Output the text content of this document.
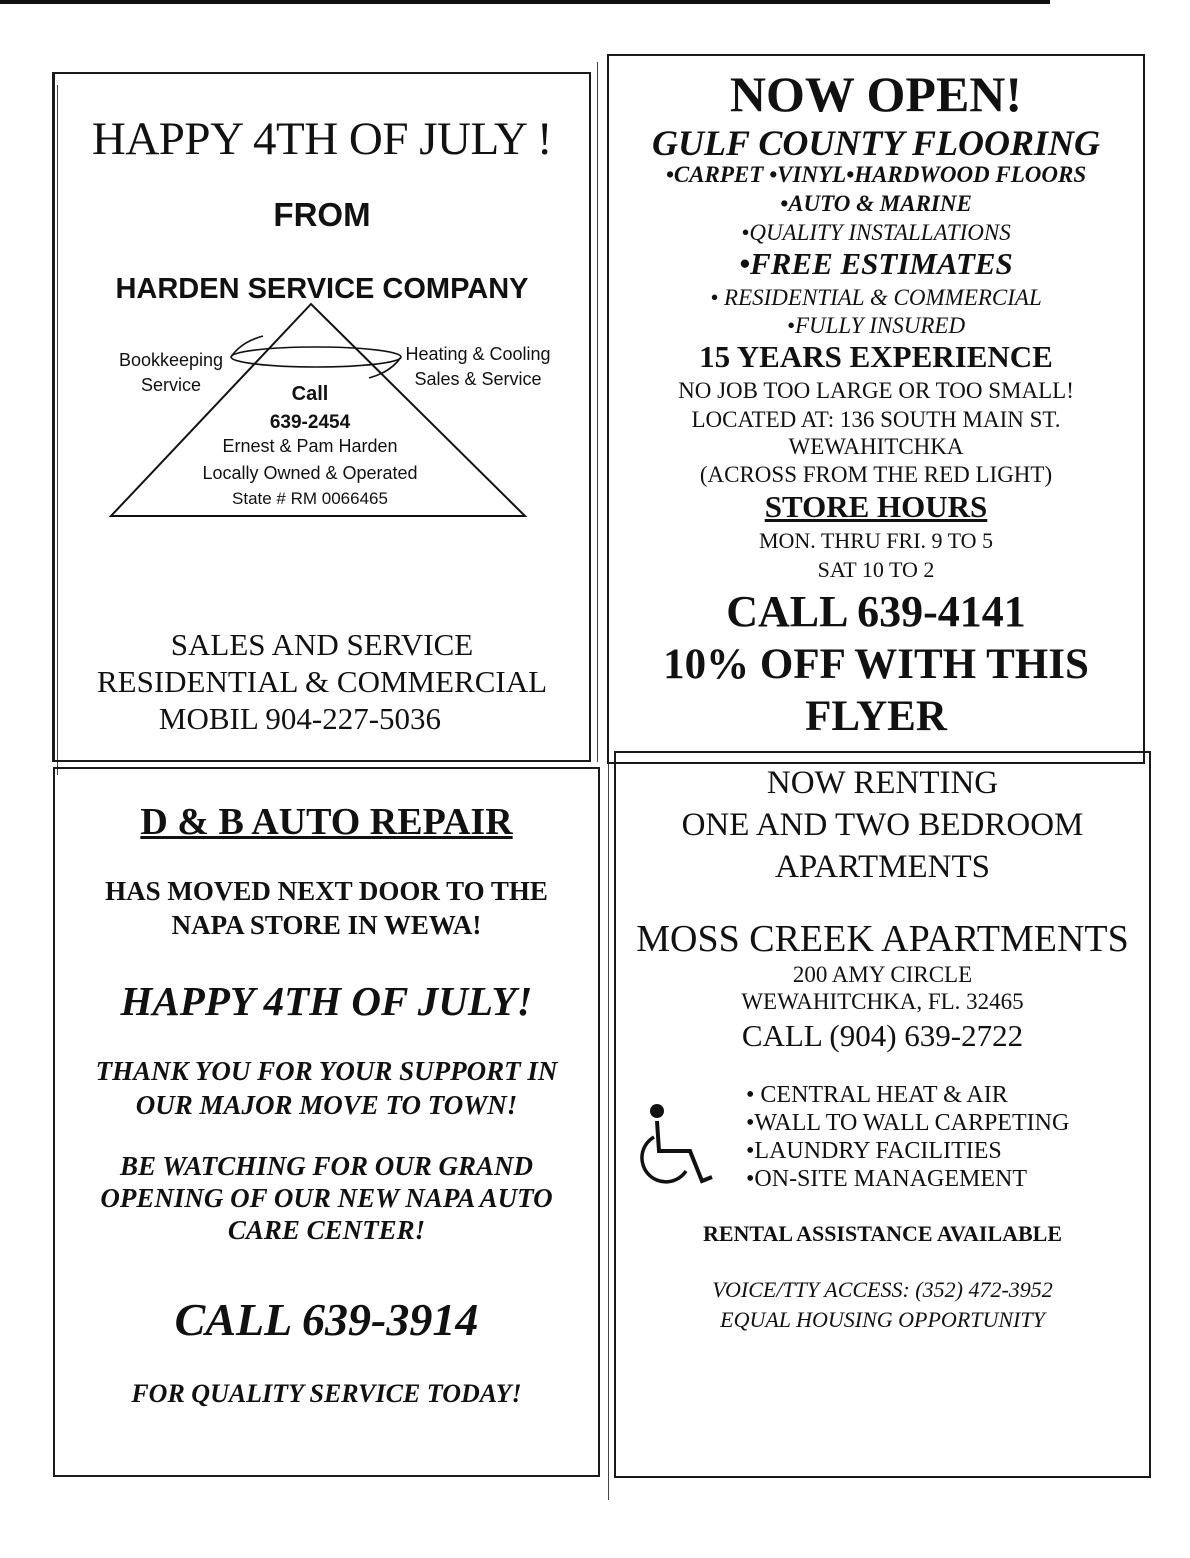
HAPPY 4TH OF JULY !

FROM

HARDEN SERVICE COMPANY

Bookkeeping
Service
Heating & Cooling
Sales & Service
Call
639-2454
Ernest & Pam Harden
Locally Owned & Operated
State # RM 0066465
SALES AND SERVICE
RESIDENTIAL & COMMERCIAL
MOBIL 904-227-5036

NOW OPEN!

GULF COUNTY FLOORING

•CARPET •VINYL•HARDWOOD FLOORS

•AUTO & MARINE

•QUALITY INSTALLATIONS

•FREE ESTIMATES

• RESIDENTIAL & COMMERCIAL

•FULLY INSURED

15 YEARS EXPERIENCE

NO JOB TOO LARGE OR TOO SMALL!

LOCATED AT: 136 SOUTH MAIN ST.

WEWAHITCHKA

(ACROSS FROM THE RED LIGHT)

STORE HOURS

MON. THRU FRI. 9 TO 5

SAT 10 TO 2

CALL 639-4141

10% OFF WITH THIS

FLYER

D & B AUTO REPAIR

HAS MOVED NEXT DOOR TO THE

NAPA STORE IN WEWA!

HAPPY 4TH OF JULY!

THANK YOU FOR YOUR SUPPORT IN

OUR MAJOR MOVE TO TOWN!

BE WATCHING FOR OUR GRAND

OPENING OF OUR NEW NAPA AUTO

CARE CENTER!

CALL 639-3914

FOR QUALITY SERVICE TODAY!

NOW RENTING

ONE AND TWO BEDROOM

APARTMENTS

MOSS CREEK APARTMENTS

200 AMY CIRCLE

WEWAHITCHKA, FL. 32465

CALL (904) 639-2722

• CENTRAL HEAT & AIR
•WALL TO WALL CARPETING
•LAUNDRY FACILITIES
•ON-SITE MANAGEMENT

RENTAL ASSISTANCE AVAILABLE

VOICE/TTY ACCESS: (352) 472-3952

EQUAL HOUSING OPPORTUNITY
